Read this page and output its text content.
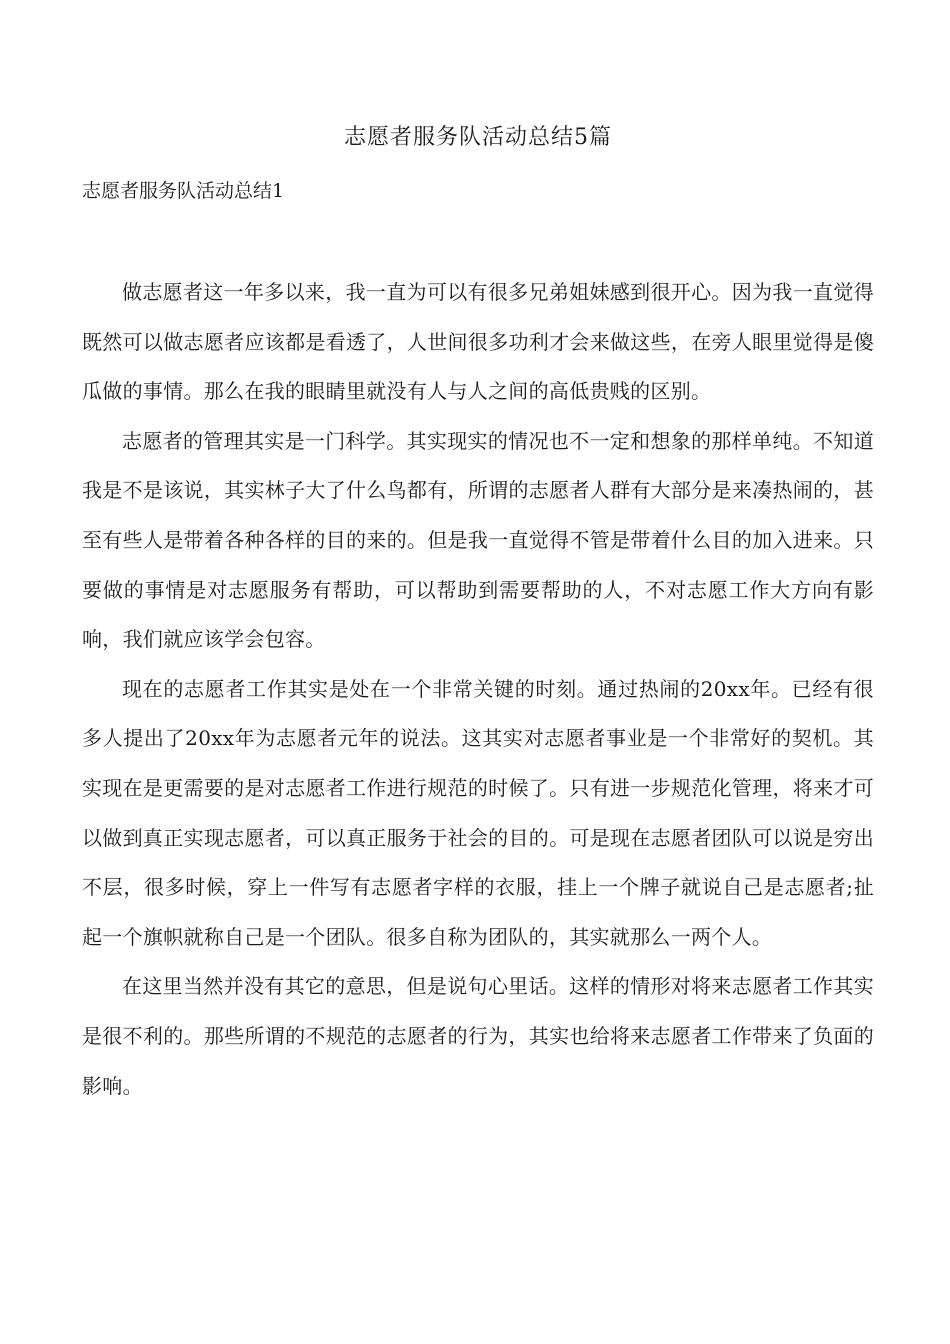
志愿者服务队活动总结5篇
志愿者服务队活动总结1

做志愿者这一年多以来，我一直为可以有很多兄弟姐妹感到很开心。因为我一直觉得既然可以做志愿者应该都是看透了，人世间很多功利才会来做这些，在旁人眼里觉得是傻瓜做的事情。那么在我的眼睛里就没有人与人之间的高低贵贱的区别。

志愿者的管理其实是一门科学。其实现实的情况也不一定和想象的那样单纯。不知道我是不是该说，其实林子大了什么鸟都有，所谓的志愿者人群有大部分是来凑热闹的，甚至有些人是带着各种各样的目的来的。但是我一直觉得不管是带着什么目的加入进来。只要做的事情是对志愿服务有帮助，可以帮助到需要帮助的人，不对志愿工作大方向有影响，我们就应该学会包容。

现在的志愿者工作其实是处在一个非常关键的时刻。通过热闹的20xx年。已经有很多人提出了20xx年为志愿者元年的说法。这其实对志愿者事业是一个非常好的契机。其实现在是更需要的是对志愿者工作进行规范的时候了。只有进一步规范化管理，将来才可以做到真正实现志愿者，可以真正服务于社会的目的。可是现在志愿者团队可以说是穷出不层，很多时候，穿上一件写有志愿者字样的衣服，挂上一个牌子就说自己是志愿者;扯起一个旗帜就称自己是一个团队。很多自称为团队的，其实就那么一两个人。

在这里当然并没有其它的意思，但是说句心里话。这样的情形对将来志愿者工作其实是很不利的。那些所谓的不规范的志愿者的行为，其实也给将来志愿者工作带来了负面的影响。
